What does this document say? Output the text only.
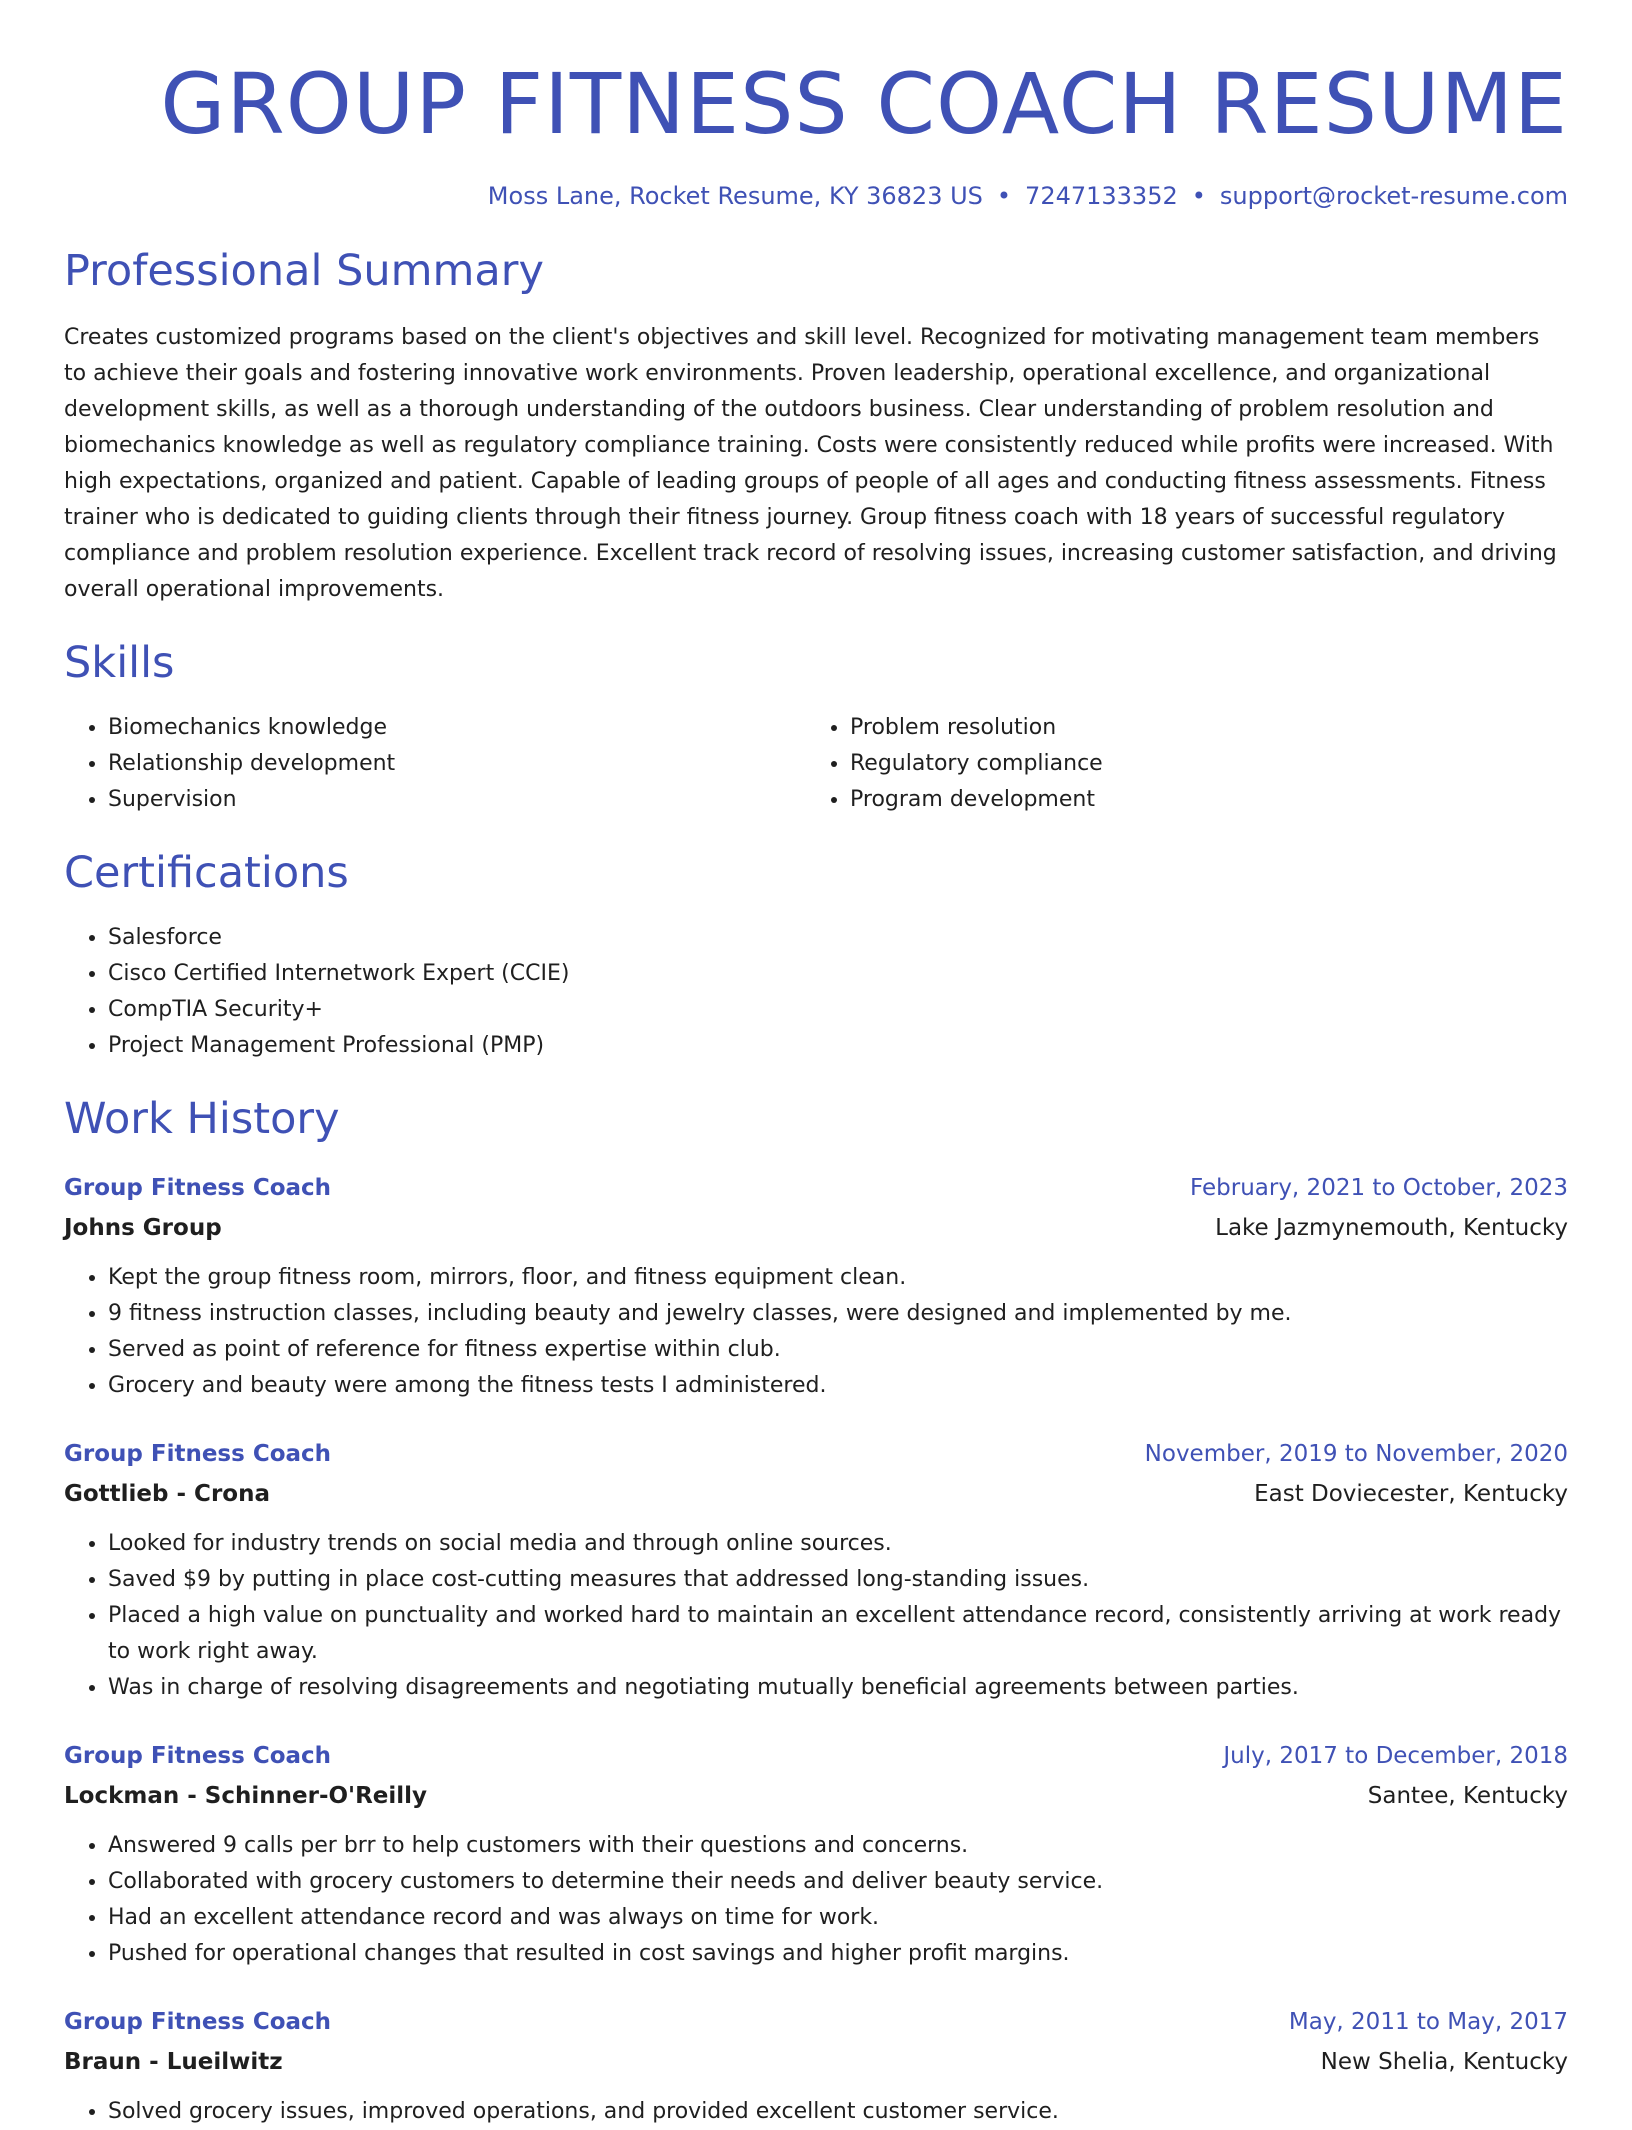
GROUP FITNESS COACH RESUME
Moss Lane, Rocket Resume, KY 36823 US • 7247133352 • support@rocket-resume.com
Professional Summary

Creates customized programs based on the client's objectives and skill level. Recognized for motivating management team members to achieve their goals and fostering innovative work environments. Proven leadership, operational excellence, and organizational development skills, as well as a thorough understanding of the outdoors business. Clear understanding of problem resolution and biomechanics knowledge as well as regulatory compliance training. Costs were consistently reduced while profits were increased. With high expectations, organized and patient. Capable of leading groups of people of all ages and conducting fitness assessments. Fitness trainer who is dedicated to guiding clients through their fitness journey. Group fitness coach with 18 years of successful regulatory compliance and problem resolution experience. Excellent track record of resolving issues, increasing customer satisfaction, and driving overall operational improvements.

Skills
• Biomechanics knowledge
• Relationship development
• Supervision
• Problem resolution
• Regulatory compliance
• Program development
Certifications
• Salesforce
• Cisco Certified Internetwork Expert (CCIE)
• CompTIA Security+
• Project Management Professional (PMP)
Work History
Group Fitness Coach	February, 2021 to October, 2023
Johns Group	Lake Jazmynemouth, Kentucky
• Kept the group fitness room, mirrors, floor, and fitness equipment clean.
• 9 fitness instruction classes, including beauty and jewelry classes, were designed and implemented by me.
• Served as point of reference for fitness expertise within club.
• Grocery and beauty were among the fitness tests I administered.
Group Fitness Coach	November, 2019 to November, 2020
Gottlieb - Crona	East Doviecester, Kentucky
• Looked for industry trends on social media and through online sources.
• Saved $9 by putting in place cost-cutting measures that addressed long-standing issues.
• Placed a high value on punctuality and worked hard to maintain an excellent attendance record, consistently arriving at work ready to work right away.
• Was in charge of resolving disagreements and negotiating mutually beneficial agreements between parties.
Group Fitness Coach	July, 2017 to December, 2018
Lockman - Schinner-O'Reilly	Santee, Kentucky
• Answered 9 calls per brr to help customers with their questions and concerns.
• Collaborated with grocery customers to determine their needs and deliver beauty service.
• Had an excellent attendance record and was always on time for work.
• Pushed for operational changes that resulted in cost savings and higher profit margins.
Group Fitness Coach	May, 2011 to May, 2017
Braun - Lueilwitz	New Shelia, Kentucky
• Solved grocery issues, improved operations, and provided excellent customer service.
